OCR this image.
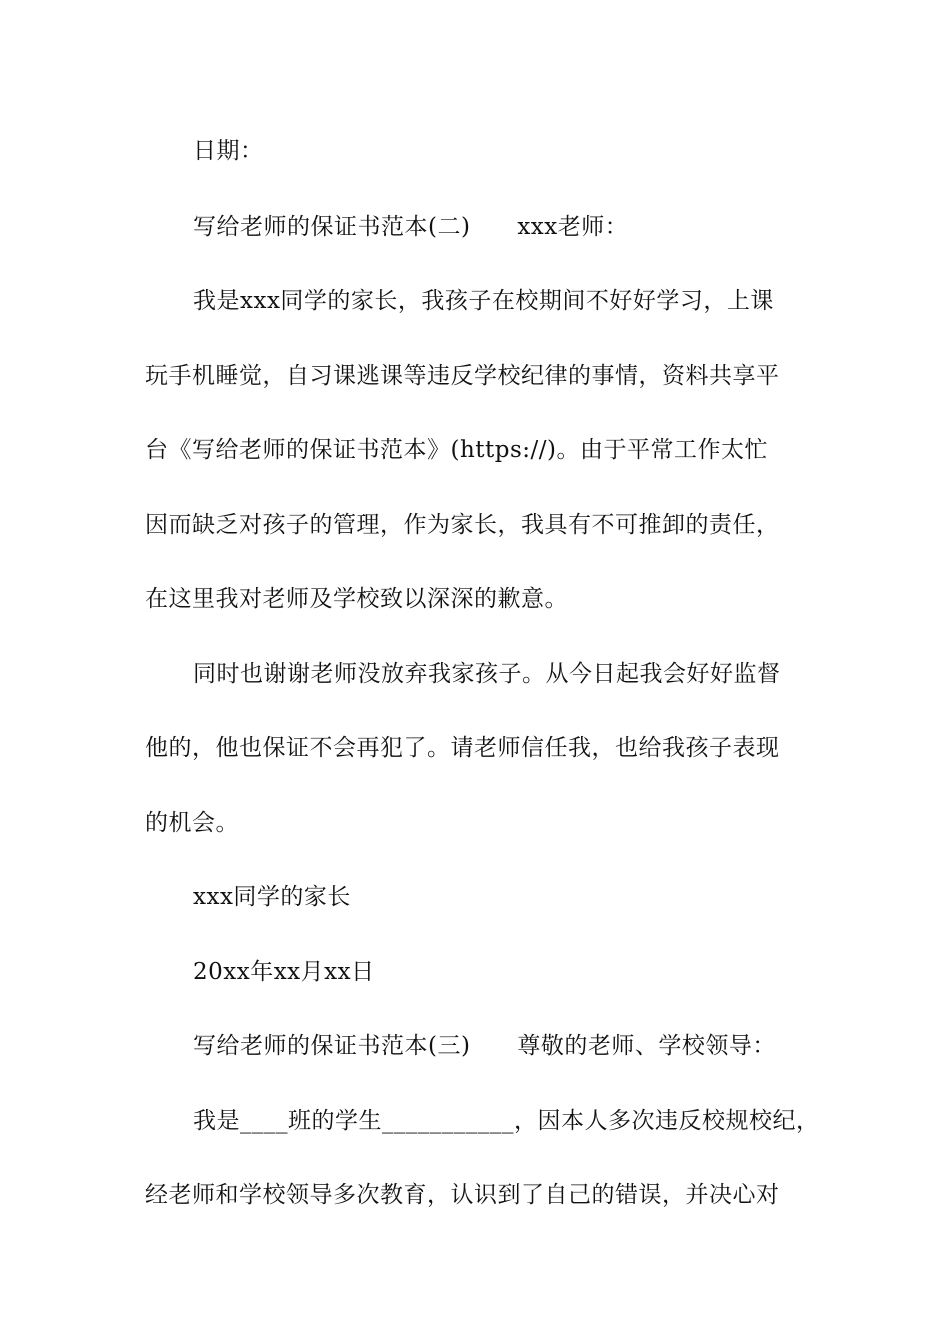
日期：
写给老师的保证书范本(二)      xxx老师：
我是xxx同学的家长，我孩子在校期间不好好学习，上课
玩手机睡觉，自习课逃课等违反学校纪律的事情，资料共享平
台《写给老师的保证书范本》(https://)。由于平常工作太忙
因而缺乏对孩子的管理，作为家长，我具有不可推卸的责任，
在这里我对老师及学校致以深深的歉意。
同时也谢谢老师没放弃我家孩子。从今日起我会好好监督
他的，他也保证不会再犯了。请老师信任我，也给我孩子表现
的机会。
xxx同学的家长
20xx年xx月xx日
写给老师的保证书范本(三)      尊敬的老师、学校领导：
我是____班的学生___________，因本人多次违反校规校纪，
经老师和学校领导多次教育，认识到了自己的错误，并决心对
